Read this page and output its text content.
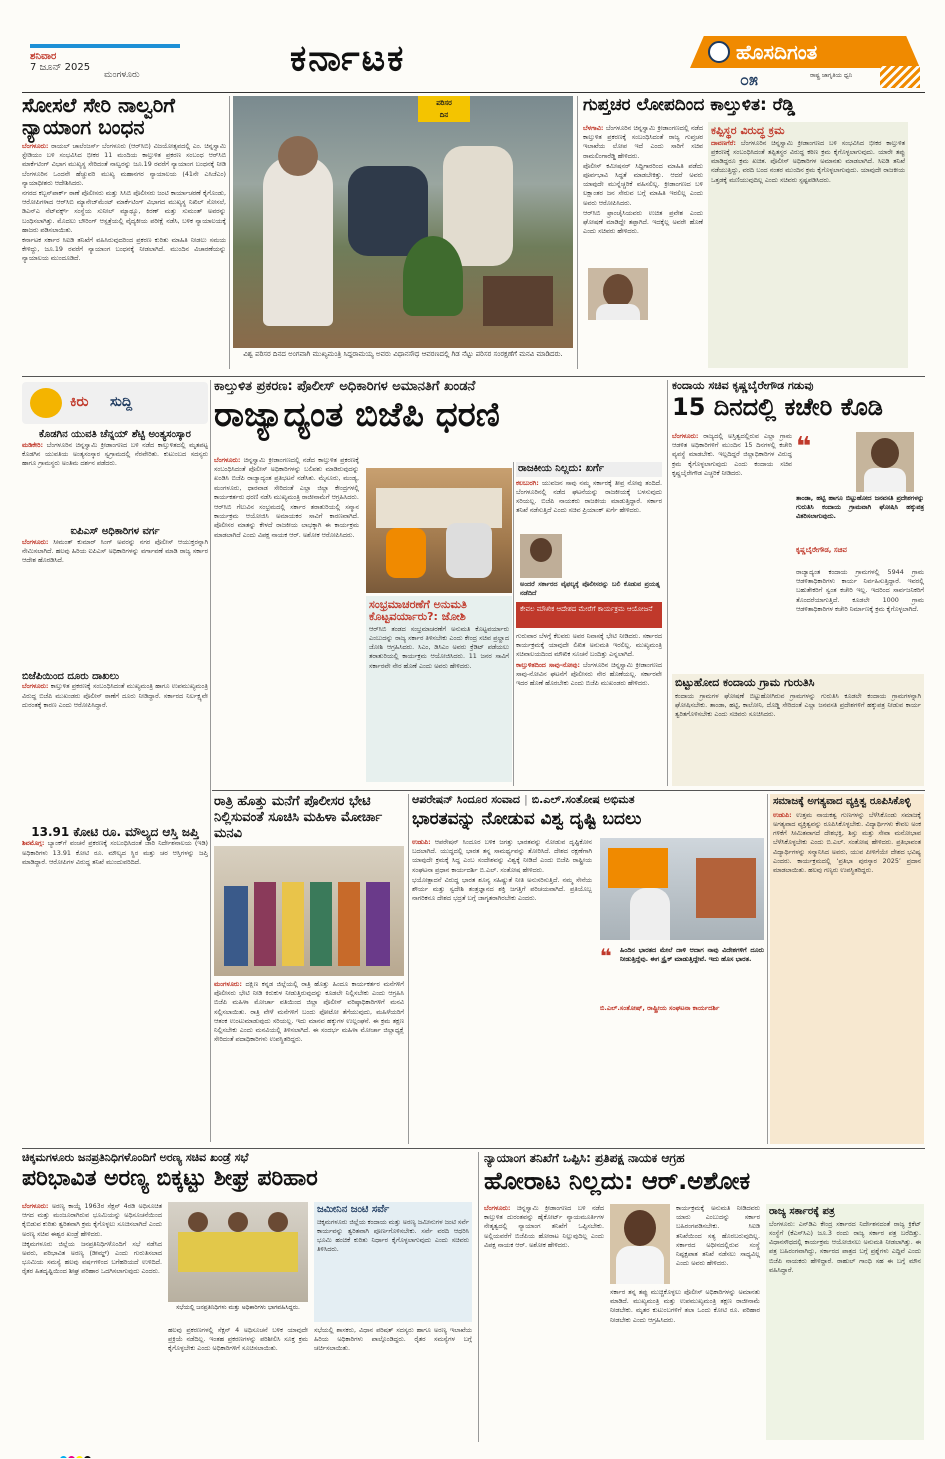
ಶನಿವಾರ
7 ಜೂನ್ 2025
ಮಂಗಳೂರು	ಕರ್ನಾಟಕ	ಹೊಸದಿಗಂತ
ರಾಷ್ಟ್ರ ಜಾಗೃತಿಯ ಧ್ವನಿ
೦೫
ಸೋಸಲೆ ಸೇರಿ ನಾಲ್ವರಿಗೆ ನ್ಯಾಯಾಂಗ ಬಂಧನ

ಬೆಂಗಳೂರು: ರಾಯಲ್ ಚಾಲೆಂಜರ್ಸ್ ಬೆಂಗಳೂರು (ಆರ್‌ಸಿಬಿ) ವಿಜಯೋತ್ಸವದಲ್ಲಿ ಎಂ. ಚಿನ್ನಸ್ವಾಮಿ ಸ್ಟೇಡಿಯಂ ಬಳಿ ಸಂಭವಿಸಿದ ಭೀಕರ 11 ಮಂದಿಯ ಕಾಲ್ತುಳಿತ ಪ್ರಕರಣ ಸಂಬಂಧ ಆರ್‌ಸಿಬಿ ಮಾರ್ಕೆಟಿಂಗ್ ವಿಭಾಗ ಮುಖ್ಯಸ್ಥ ಸೇರಿದಂತೆ ನಾಲ್ವರನ್ನು ಜೂ.19 ರವರೆಗೆ ನ್ಯಾಯಾಂಗ ಬಂಧನಕ್ಕೆ ನೀಡಿ ಬೆಂಗಳೂರಿನ ಒಂದನೇ ಹೆಚ್ಚುವರಿ ಮುಖ್ಯ ಮಹಾನಗರ ನ್ಯಾಯಾಲಯ (41ನೇ ಎಸಿಜೆಎಂ) ನ್ಯಾಯಾಧೀಶರು ಆದೇಶಿಸಿದರು.

ನಗರದ ಕಬ್ಬನ್‌ಪಾರ್ಕ್ ಠಾಣೆ ಪೊಲೀಸರು ಮತ್ತು ಸಿಸಿಬಿ ಪೊಲೀಸರು ಜಂಟಿ ಕಾರ್ಯಾಚರಣೆ ಕೈಗೊಂಡು, ಆರೋಪಿಗಳಾದ ಆರ್‌ಸಿಬಿ ಮ್ಯಾನೇಜ್‌ಮೆಂಟ್ ಮಾರ್ಕೆಟಿಂಗ್ ವಿಭಾಗದ ಮುಖ್ಯಸ್ಥ ನಿಖಿಲ್ ಸೋಸಲೆ, ಡಿಎನ್‌ಎ ನೆಟ್‌ವರ್ಕ್ಸ್ ಸಂಸ್ಥೆಯ ಸುನೀಲ್ ಮ್ಯಾಥ್ಯೂ, ಕಿರಣ್ ಮತ್ತು ಸುಮಂತ್ ಅವರನ್ನು ಬಂಧಿಸಲಾಗಿತ್ತು. ಮೊದಲು ಬೌರಿಂಗ್ ಆಸ್ಪತ್ರೆಯಲ್ಲಿ ವೈದ್ಯಕೀಯ ಪರೀಕ್ಷೆ ನಡೆಸಿ, ಬಳಿಕ ನ್ಯಾಯಾಲಯಕ್ಕೆ ಹಾಜರು ಪಡಿಸಲಾಯಿತು.

ಕರ್ನಾಟಕ ಸರ್ಕಾರ ಸಿಐಡಿ ತನಿಖೆಗೆ ವಹಿಸಿರುವುದರಿಂದ ಪ್ರಕರಣ ಕುರಿತು ಮಾಹಿತಿ ನೀಡಲು ಸಮಯ ಕೇಳಿದ್ದು, ಜೂ.19 ರವರೆಗೆ ನ್ಯಾಯಾಂಗ ಬಂಧನಕ್ಕೆ ನೀಡಲಾಗಿದೆ. ಮುಂದಿನ ವಿಚಾರಣೆಯನ್ನು ನ್ಯಾಯಾಲಯ ಮುಂದೂಡಿದೆ.

ಪರಿಸರ
ದಿನ
ವಿಶ್ವ ಪರಿಸರ ದಿನದ ಅಂಗವಾಗಿ ಮುಖ್ಯಮಂತ್ರಿ ಸಿದ್ದರಾಮಯ್ಯ ಅವರು ವಿಧಾನಸೌಧ ಆವರಣದಲ್ಲಿ ಗಿಡ ನೆಟ್ಟು ಪರಿಸರ ಸಂರಕ್ಷಣೆಗೆ ಮನವಿ ಮಾಡಿದರು.
ಗುಪ್ತಚರ ಲೋಪದಿಂದ ಕಾಲ್ತುಳಿತ: ರೆಡ್ಡಿ

ಬೆಳಗಾವಿ: ಬೆಂಗಳೂರಿನ ಚಿನ್ನಸ್ವಾಮಿ ಕ್ರೀಡಾಂಗಣದಲ್ಲಿ ನಡೆದ ಕಾಲ್ತುಳಿತ ಪ್ರಕರಣಕ್ಕೆ ಸಂಬಂಧಿಸಿದಂತೆ ರಾಜ್ಯ ಗುಪ್ತಚರ ಇಲಾಖೆಯ ಲೋಪ ಇದೆ ಎಂದು ಸಾರಿಗೆ ಸಚಿವ ರಾಮಲಿಂಗಾರೆಡ್ಡಿ ಹೇಳಿದರು.

ಪೊಲೀಸ್ ಕಮೀಷನರ್ ಸಿದ್ದಿಗಾರರಿಂದ ಮಾಹಿತಿ ಪಡೆದು ಪೂರ್ವಭಾವಿ ಸಿದ್ಧತೆ ಮಾಡಬೇಕಿತ್ತು. ಆದರೆ ಅವರು ಯಾವುದೇ ಮುನ್ನೆಚ್ಚರಿಕೆ ವಹಿಸಲಿಲ್ಲ. ಕ್ರೀಡಾಂಗಣದ ಬಳಿ ಲಕ್ಷಾಂತರ ಜನ ಸೇರುವ ಬಗ್ಗೆ ಮಾಹಿತಿ ಇರಲಿಲ್ಲ ಎಂದು ಅವರು ಆರೋಪಿಸಿದರು.

ಆರ್‌ಸಿಬಿ ಫ್ರಾಂಚೈಸಿಯವರು ಉಚಿತ ಪ್ರವೇಶ ಎಂದು ಘೋಷಣೆ ಮಾಡಿದ್ದೇ ತಪ್ಪಾಗಿದೆ. ಇದಕ್ಕೆಲ್ಲ ಅವರೇ ಹೊಣೆ ಎಂದು ಸಚಿವರು ಹೇಳಿದರು.

ಕಪ್ಪಿಸ್ಥರ ವಿರುದ್ಧ ಕ್ರಮ

ದಾವಣಗೆರೆ: ಬೆಂಗಳೂರಿನ ಚಿನ್ನಸ್ವಾಮಿ ಕ್ರೀಡಾಂಗಣದ ಬಳಿ ಸಂಭವಿಸಿದ ಭೀಕರ ಕಾಲ್ತುಳಿತ ಪ್ರಕರಣಕ್ಕೆ ಸಂಬಂಧಿಸಿದಂತೆ ತಪ್ಪಿತಸ್ಥರ ವಿರುದ್ಧ ಕಠಿಣ ಕ್ರಮ ಕೈಗೊಳ್ಳಲಾಗುವುದು. ಯಾರೇ ತಪ್ಪು ಮಾಡಿದ್ದರೂ ಕ್ರಮ ಖಚಿತ. ಪೊಲೀಸ್ ಅಧಿಕಾರಿಗಳ ಅಮಾನತು ಮಾಡಲಾಗಿದೆ. ಸಿಐಡಿ ತನಿಖೆ ನಡೆಯುತ್ತಿದ್ದು, ವರದಿ ಬಂದ ನಂತರ ಮುಂದಿನ ಕ್ರಮ ಕೈಗೊಳ್ಳಲಾಗುವುದು. ಯಾವುದೇ ರಾಜಕೀಯ ಒತ್ತಡಕ್ಕೆ ಮಣಿಯುವುದಿಲ್ಲ ಎಂದು ಸಚಿವರು ಸ್ಪಷ್ಟಪಡಿಸಿದರು.

ಕಿರು ಸುದ್ದಿ
ಕೊಡಗಿನ ಯುವತಿ ಚೆನ್ನಯ್ ಶೆಟ್ಟಿ ಅಂತ್ಯಸಂಸ್ಕಾರ
ಮಡಿಕೇರಿ: ಬೆಂಗಳೂರಿನ ಚಿನ್ನಸ್ವಾಮಿ ಕ್ರೀಡಾಂಗಣದ ಬಳಿ ನಡೆದ ಕಾಲ್ತುಳಿತದಲ್ಲಿ ಮೃತಪಟ್ಟ ಕೊಡಗಿನ ಯುವತಿಯ ಅಂತ್ಯಸಂಸ್ಕಾರ ಸ್ವಗ್ರಾಮದಲ್ಲಿ ನೆರವೇರಿತು. ಕುಟುಂಬದ ಸದಸ್ಯರು ಹಾಗೂ ಗ್ರಾಮಸ್ಥರು ಅಂತಿಮ ದರ್ಶನ ಪಡೆದರು.
ಐಪಿಎಸ್ ಅಧಿಕಾರಿಗಳ ವರ್ಗ
ಬೆಂಗಳೂರು: ಸೀಮಂತ್ ಕುಮಾರ್ ಸಿಂಗ್ ಅವರನ್ನು ನಗರ ಪೊಲೀಸ್ ಆಯುಕ್ತರನ್ನಾಗಿ ನೇಮಿಸಲಾಗಿದೆ. ಹಲವು ಹಿರಿಯ ಐಪಿಎಸ್ ಅಧಿಕಾರಿಗಳನ್ನು ವರ್ಗಾವಣೆ ಮಾಡಿ ರಾಜ್ಯ ಸರ್ಕಾರ ಆದೇಶ ಹೊರಡಿಸಿದೆ.
ಬಿಜೆಪಿಯಿಂದ ದೂರು ದಾಖಲು
ಬೆಂಗಳೂರು: ಕಾಲ್ತುಳಿತ ಪ್ರಕರಣಕ್ಕೆ ಸಂಬಂಧಿಸಿದಂತೆ ಮುಖ್ಯಮಂತ್ರಿ ಹಾಗೂ ಉಪಮುಖ್ಯಮಂತ್ರಿ ವಿರುದ್ಧ ಬಿಜೆಪಿ ಮುಖಂಡರು ಪೊಲೀಸ್ ಠಾಣೆಗೆ ದೂರು ನೀಡಿದ್ದಾರೆ. ಸರ್ಕಾರದ ನಿರ್ಲಕ್ಷ್ಯವೇ ದುರಂತಕ್ಕೆ ಕಾರಣ ಎಂದು ಆರೋಪಿಸಿದ್ದಾರೆ.
13.91 ಕೋಟಿ ರೂ. ಮೌಲ್ಯದ ಆಸ್ತಿ ಜಪ್ತಿ
ಶಿವಮೊಗ್ಗ: ಬ್ಯಾಂಕ್‌ಗೆ ವಂಚನೆ ಪ್ರಕರಣಕ್ಕೆ ಸಂಬಂಧಿಸಿದಂತೆ ಜಾರಿ ನಿರ್ದೇಶನಾಲಯ (ಇಡಿ) ಅಧಿಕಾರಿಗಳು 13.91 ಕೋಟಿ ರೂ. ಮೌಲ್ಯದ ಸ್ಥಿರ ಮತ್ತು ಚರ ಆಸ್ತಿಗಳನ್ನು ಜಪ್ತಿ ಮಾಡಿದ್ದಾರೆ. ಆರೋಪಿಗಳ ವಿರುದ್ಧ ತನಿಖೆ ಮುಂದುವರಿದಿದೆ.
ಕಾಲ್ತುಳಿತ ಪ್ರಕರಣ: ಪೊಲೀಸ್ ಅಧಿಕಾರಿಗಳ ಅಮಾನತಿಗೆ ಖಂಡನೆ
ರಾಜ್ಯಾದ್ಯಂತ ಬಿಜೆಪಿ ಧರಣಿ

ಬೆಂಗಳೂರು: ಚಿನ್ನಸ್ವಾಮಿ ಕ್ರೀಡಾಂಗಣದಲ್ಲಿ ನಡೆದ ಕಾಲ್ತುಳಿತ ಪ್ರಕರಣಕ್ಕೆ ಸಂಬಂಧಿಸಿದಂತೆ ಪೊಲೀಸ್ ಅಧಿಕಾರಿಗಳನ್ನು ಬಲಿಪಶು ಮಾಡಿರುವುದನ್ನು ಖಂಡಿಸಿ ಬಿಜೆಪಿ ರಾಜ್ಯಾದ್ಯಂತ ಪ್ರತಿಭಟನೆ ನಡೆಸಿತು. ಮೈಸೂರು, ಮಂಡ್ಯ, ಮಂಗಳೂರು, ಧಾರವಾಡ ಸೇರಿದಂತೆ ಎಲ್ಲಾ ಜಿಲ್ಲಾ ಕೇಂದ್ರಗಳಲ್ಲಿ ಕಾರ್ಯಕರ್ತರು ಧರಣಿ ನಡೆಸಿ ಮುಖ್ಯಮಂತ್ರಿ ರಾಜೀನಾಮೆಗೆ ಆಗ್ರಹಿಸಿದರು.

ಆರ್‌ಸಿಬಿ ಗೆಲುವಿನ ಸಂಭ್ರಮದಲ್ಲಿ ಸರ್ಕಾರ ತರಾತುರಿಯಲ್ಲಿ ಸನ್ಮಾನ ಕಾರ್ಯಕ್ರಮ ಆಯೋಜಿಸಿ ಅಮಾಯಕರ ಸಾವಿಗೆ ಕಾರಣವಾಗಿದೆ. ಪೊಲೀಸರ ಮಾತನ್ನು ಕೇಳದೆ ರಾಜಕೀಯ ಲಾಭಕ್ಕಾಗಿ ಈ ಕಾರ್ಯಕ್ರಮ ಮಾಡಲಾಗಿದೆ ಎಂದು ವಿಪಕ್ಷ ನಾಯಕ ಆರ್. ಅಶೋಕ ಆರೋಪಿಸಿದರು.

ಸಂಭ್ರಮಾಚರಣೆಗೆ ಅನುಮತಿ ಕೊಟ್ಟವರ್ಯಾರು?: ಜೋಶಿ
ಆರ್‌ಸಿಬಿ ತಂಡದ ಸಂಭ್ರಮಾಚರಣೆಗೆ ಅನುಮತಿ ಕೊಟ್ಟವರ್ಯಾರು ಎಂಬುದನ್ನು ರಾಜ್ಯ ಸರ್ಕಾರ ತಿಳಿಸಬೇಕು ಎಂದು ಕೇಂದ್ರ ಸಚಿವ ಪ್ರಲ್ಹಾದ ಜೋಶಿ ಆಗ್ರಹಿಸಿದರು. ಸಿಎಂ, ಡಿಸಿಎಂ ಅವರು ಕ್ರೆಡಿಟ್ ಪಡೆಯಲು ತರಾತುರಿಯಲ್ಲಿ ಕಾರ್ಯಕ್ರಮ ಆಯೋಜಿಸಿದರು. 11 ಜನರ ಸಾವಿಗೆ ಸರ್ಕಾರವೇ ನೇರ ಹೊಣೆ ಎಂದು ಅವರು ಹೇಳಿದರು.
ರಾಜಕೀಯ ನಿಲ್ಲದು: ಖರ್ಗೆ
ಕಲಬುರಗಿ: ಯುವಜನ ಸಾವು ನಮ್ಮ ಸರ್ಕಾರಕ್ಕೆ ತೀವ್ರ ನೋವು ತಂದಿದೆ. ಬೆಂಗಳೂರಿನಲ್ಲಿ ನಡೆದ ಘಟನೆಯನ್ನು ರಾಜಕೀಯಕ್ಕೆ ಬಳಸುವುದು ಸರಿಯಲ್ಲ. ಬಿಜೆಪಿ ನಾಯಕರು ರಾಜಕೀಯ ಮಾಡುತ್ತಿದ್ದಾರೆ. ಸರ್ಕಾರ ತನಿಖೆ ನಡೆಸುತ್ತಿದೆ ಎಂದು ಸಚಿವ ಪ್ರಿಯಾಂಕ್ ಖರ್ಗೆ ಹೇಳಿದರು.
ಅಂದರೆ ಸರ್ಕಾರದ ವೈಫಲ್ಯಕ್ಕೆ ಪೊಲೀಸರನ್ನು ಬಲಿ ಕೊಡುವ ಪ್ರಯತ್ನ ನಡೆದಿದೆ
ಕೇವಲ ಮೌಖಿಕ ಆದೇಶದ ಮೇರೆಗೆ ಕಾರ್ಯಕ್ರಮ ಆಯೋಜನೆ

ಗುರುವಾರ ಬೆಳಗ್ಗೆ ಕೆಲವರು ಅವರ ನಿವಾಸಕ್ಕೆ ಭೇಟಿ ನೀಡಿದರು. ಸರ್ಕಾರದ ಕಾರ್ಯಕ್ರಮಕ್ಕೆ ಯಾವುದೇ ಲಿಖಿತ ಅನುಮತಿ ಇರಲಿಲ್ಲ. ಮುಖ್ಯಮಂತ್ರಿ ಸಚಿವಾಲಯದಿಂದ ಮೌಖಿಕ ಸೂಚನೆ ಬಂದಿತ್ತು ಎನ್ನಲಾಗಿದೆ.

ಕಾಲ್ತುಳಿತದಿಂದ ಸಾವು-ನೋವು: ಬೆಂಗಳೂರಿನ ಚಿನ್ನಸ್ವಾಮಿ ಕ್ರೀಡಾಂಗಣದ ಸಾವು-ನೋವಿನ ಘಟನೆಗೆ ಪೊಲೀಸರು ನೇರ ಹೊಣೆಯಲ್ಲ. ಸರ್ಕಾರವೇ ಇದರ ಹೊಣೆ ಹೊರಬೇಕು ಎಂದು ಬಿಜೆಪಿ ಮುಖಂಡರು ಹೇಳಿದರು.

ಕಂದಾಯ ಸಚಿವ ಕೃಷ್ಣಬೈರೇಗೌಡ ಗಡುವು
15 ದಿನದಲ್ಲಿ ಕಚೇರಿ ಕೊಡಿ

ಬೆಂಗಳೂರು: ರಾಜ್ಯದಲ್ಲಿ ಅಸ್ತಿತ್ವದಲ್ಲಿರುವ ಎಲ್ಲಾ ಗ್ರಾಮ ಆಡಳಿತ ಅಧಿಕಾರಿಗಳಿಗೆ ಮುಂದಿನ 15 ದಿನಗಳಲ್ಲಿ ಕಚೇರಿ ವ್ಯವಸ್ಥೆ ಮಾಡಬೇಕು. ಇಲ್ಲದಿದ್ದರೆ ಜಿಲ್ಲಾಧಿಕಾರಿಗಳ ವಿರುದ್ಧ ಕ್ರಮ ಕೈಗೊಳ್ಳಲಾಗುವುದು ಎಂದು ಕಂದಾಯ ಸಚಿವ ಕೃಷ್ಣಬೈರೇಗೌಡ ಎಚ್ಚರಿಕೆ ನೀಡಿದರು.

❝
ತಾಂಡಾ, ಹಟ್ಟಿ ಹಾಗೂ ಬಿಟ್ಟುಹೋದ ಜನವಸತಿ ಪ್ರದೇಶಗಳನ್ನು ಗುರುತಿಸಿ ಕಂದಾಯ ಗ್ರಾಮವಾಗಿ ಘೋಷಿಸಿ ಹಕ್ಕುಪತ್ರ ವಿತರಿಸಲಾಗುವುದು.
ಕೃಷ್ಣಬೈರೇಗೌಡ, ಸಚಿವ
ರಾಜ್ಯಾದ್ಯಂತ ಕಂದಾಯ ಗ್ರಾಮಗಳಲ್ಲಿ 5944 ಗ್ರಾಮ ಆಡಳಿತಾಧಿಕಾರಿಗಳು ಕಾರ್ಯ ನಿರ್ವಹಿಸುತ್ತಿದ್ದಾರೆ. ಇವರಲ್ಲಿ ಬಹುತೇಕರಿಗೆ ಸ್ವಂತ ಕಚೇರಿ ಇಲ್ಲ. ಇದರಿಂದ ಸಾರ್ವಜನಿಕರಿಗೆ ತೊಂದರೆಯಾಗುತ್ತಿದೆ. ಕೂಡಲೇ 1000 ಗ್ರಾಮ ಆಡಳಿತಾಧಿಕಾರಿಗಳ ಕಚೇರಿ ನಿರ್ಮಾಣಕ್ಕೆ ಕ್ರಮ ಕೈಗೊಳ್ಳಲಾಗಿದೆ.
ಬಿಟ್ಟುಹೋದ ಕಂದಾಯ ಗ್ರಾಮ ಗುರುತಿಸಿ
ಕಂದಾಯ ಗ್ರಾಮಗಳ ಘೋಷಣೆ ಬಿಟ್ಟುಹೋಗಿರುವ ಗ್ರಾಮಗಳನ್ನು ಗುರುತಿಸಿ ಕೂಡಲೇ ಕಂದಾಯ ಗ್ರಾಮಗಳನ್ನಾಗಿ ಘೋಷಿಸಬೇಕು. ತಾಂಡಾ, ಹಟ್ಟಿ, ಕಾಲೋನಿ, ದೊಡ್ಡಿ ಸೇರಿದಂತೆ ಎಲ್ಲಾ ಜನವಸತಿ ಪ್ರದೇಶಗಳಿಗೆ ಹಕ್ಕುಪತ್ರ ನೀಡುವ ಕಾರ್ಯ ತ್ವರಿತಗೊಳಿಸಬೇಕು ಎಂದು ಸಚಿವರು ಸೂಚಿಸಿದರು.
ರಾತ್ರಿ ಹೊತ್ತು ಮನೆಗೆ ಪೊಲೀಸರ ಭೇಟಿ ನಿಲ್ಲಿಸುವಂತೆ ಸೂಚಿಸಿ ಮಹಿಳಾ ಮೋರ್ಚಾ ಮನವಿ
ಮಂಗಳೂರು: ದಕ್ಷಿಣ ಕನ್ನಡ ಜಿಲ್ಲೆಯಲ್ಲಿ ರಾತ್ರಿ ಹೊತ್ತು ಹಿಂದೂ ಕಾರ್ಯಕರ್ತರ ಮನೆಗಳಿಗೆ ಪೊಲೀಸರು ಭೇಟಿ ನೀಡಿ ಕಿರುಕುಳ ನೀಡುತ್ತಿರುವುದನ್ನು ಕೂಡಲೇ ನಿಲ್ಲಿಸಬೇಕು ಎಂದು ಆಗ್ರಹಿಸಿ ಬಿಜೆಪಿ ಮಹಿಳಾ ಮೋರ್ಚಾ ವತಿಯಿಂದ ಜಿಲ್ಲಾ ಪೊಲೀಸ್ ವರಿಷ್ಠಾಧಿಕಾರಿಗಳಿಗೆ ಮನವಿ ಸಲ್ಲಿಸಲಾಯಿತು. ರಾತ್ರಿ ವೇಳೆ ಮನೆಗಳಿಗೆ ಬಂದು ಫೋಟೋ ತೆಗೆಯುವುದು, ಮಹಿಳೆಯರಿಗೆ ಆತಂಕ ಉಂಟುಮಾಡುವುದು ಸರಿಯಲ್ಲ. ಇದು ಮಾನವ ಹಕ್ಕುಗಳ ಉಲ್ಲಂಘನೆ. ಈ ಕ್ರಮ ತಕ್ಷಣ ನಿಲ್ಲಿಸಬೇಕು ಎಂದು ಮನವಿಯಲ್ಲಿ ತಿಳಿಸಲಾಗಿದೆ. ಈ ಸಂದರ್ಭ ಮಹಿಳಾ ಮೋರ್ಚಾ ಜಿಲ್ಲಾಧ್ಯಕ್ಷೆ ಸೇರಿದಂತೆ ಪದಾಧಿಕಾರಿಗಳು ಉಪಸ್ಥಿತರಿದ್ದರು.
ಆಪರೇಷನ್ ಸಿಂದೂರ ಸಂವಾದ | ಬಿ.ಎಲ್.ಸಂತೋಷ ಅಭಿಮತ
ಭಾರತವನ್ನು ನೋಡುವ ವಿಶ್ವ ದೃಷ್ಟಿ ಬದಲು

ಉಡುಪಿ: ಆಪರೇಷನ್ ಸಿಂದೂರ ಬಳಿಕ ಜಗತ್ತು ಭಾರತವನ್ನು ನೋಡುವ ದೃಷ್ಟಿಕೋನ ಬದಲಾಗಿದೆ. ಯುದ್ಧದಲ್ಲಿ ಭಾರತ ತನ್ನ ಸಾಮರ್ಥ್ಯವನ್ನು ತೋರಿಸಿದೆ. ದೇಶದ ರಕ್ಷಣೆಗಾಗಿ ಯಾವುದೇ ಕ್ರಮಕ್ಕೆ ಸಿದ್ಧ ಎಂಬ ಸಂದೇಶವನ್ನು ವಿಶ್ವಕ್ಕೆ ನೀಡಿದೆ ಎಂದು ಬಿಜೆಪಿ ರಾಷ್ಟ್ರೀಯ ಸಂಘಟನಾ ಪ್ರಧಾನ ಕಾರ್ಯದರ್ಶಿ ಬಿ.ಎಲ್. ಸಂತೋಷ ಹೇಳಿದರು.

ಭಯೋತ್ಪಾದನೆ ವಿರುದ್ಧ ಭಾರತ ಶೂನ್ಯ ಸಹಿಷ್ಣುತೆ ನೀತಿ ಅನುಸರಿಸುತ್ತಿದೆ. ನಮ್ಮ ಸೇನೆಯ ಶೌರ್ಯ ಮತ್ತು ಸ್ವದೇಶಿ ತಂತ್ರಜ್ಞಾನದ ಶಕ್ತಿ ಜಗತ್ತಿಗೆ ಪರಿಚಯವಾಗಿದೆ. ಪ್ರತಿಯೊಬ್ಬ ನಾಗರಿಕನೂ ದೇಶದ ಭದ್ರತೆ ಬಗ್ಗೆ ಜಾಗೃತರಾಗಿರಬೇಕು ಎಂದರು.

❝ ಹಿಂದಿನ ಭಾರತದ ಮೇಲೆ ದಾಳಿ ಆದಾಗ ನಾವು ವಿದೇಶಗಳಿಗೆ ದೂರು ನೀಡುತ್ತಿದ್ದೆವು. ಈಗ ಸ್ಟ್ರೈಕ್ ಮಾಡುತ್ತಿದ್ದೇವೆ. ಇದು ಹೊಸ ಭಾರತ.
ಬಿ.ಎಲ್.ಸಂತೋಷ್, ರಾಷ್ಟ್ರೀಯ ಸಂಘಟನಾ ಕಾರ್ಯದರ್ಶಿ
ಸಮಾಜಕ್ಕೆ ಅಗತ್ಯವಾದ ವ್ಯಕ್ತಿತ್ವ ರೂಪಿಸಿಕೊಳ್ಳಿ
ಉಡುಪಿ: ಉತ್ತಮ ನಾಯಕತ್ವ ಗುಣಗಳನ್ನು ಬೆಳೆಸಿಕೊಂಡು ಸಮಾಜಕ್ಕೆ ಅಗತ್ಯವಾದ ವ್ಯಕ್ತಿತ್ವವನ್ನು ರೂಪಿಸಿಕೊಳ್ಳಬೇಕು. ವಿದ್ಯಾರ್ಥಿಗಳು ಕೇವಲ ಅಂಕ ಗಳಿಕೆಗೆ ಸೀಮಿತವಾಗದೆ ದೇಶಭಕ್ತಿ, ಶಿಸ್ತು ಮತ್ತು ಸೇವಾ ಮನೋಭಾವ ಬೆಳೆಸಿಕೊಳ್ಳಬೇಕು ಎಂದು ಬಿ.ಎಲ್. ಸಂತೋಷ ಹೇಳಿದರು. ಪ್ರತಿಭಾವಂತ ವಿದ್ಯಾರ್ಥಿಗಳನ್ನು ಸನ್ಮಾನಿಸಿದ ಅವರು, ಯುವ ಪೀಳಿಗೆಯೇ ದೇಶದ ಭವಿಷ್ಯ ಎಂದರು. ಕಾರ್ಯಕ್ರಮದಲ್ಲಿ ‘ಪ್ರತಿಭಾ ಪುರಸ್ಕಾರ 2025’ ಪ್ರದಾನ ಮಾಡಲಾಯಿತು. ಹಲವು ಗಣ್ಯರು ಉಪಸ್ಥಿತರಿದ್ದರು.
ಚಿಕ್ಕಮಗಳೂರು ಜನಪ್ರತಿನಿಧಿಗಳೊಂದಿಗೆ ಅರಣ್ಯ ಸಚಿವ ಖಂಡ್ರೆ ಸಭೆ
ಪರಿಭಾವಿತ ಅರಣ್ಯ ಬಿಕ್ಕಟ್ಟು ಶೀಘ್ರ ಪರಿಹಾರ

ಬೆಂಗಳೂರು: ಅರಣ್ಯ ಕಾಯ್ದೆ 1963ರ ಸೆಕ್ಷನ್ 4ರಡಿ ಅಧಿಸೂಚಿತ ಆಗದ ಮತ್ತು ಮಂಜೂರಾಗಿರುವ ಭೂಮಿಯನ್ನು ಅಧಿಸೂಚನೆಯಿಂದ ಕೈಬಿಡುವ ಕುರಿತು ತ್ವರಿತವಾಗಿ ಕ್ರಮ ಕೈಗೊಳ್ಳಲು ಸೂಚಿಸಲಾಗಿದೆ ಎಂದು ಅರಣ್ಯ ಸಚಿವ ಈಶ್ವರ ಖಂಡ್ರೆ ಹೇಳಿದರು.

ಚಿಕ್ಕಮಗಳೂರು ಜಿಲ್ಲೆಯ ಜನಪ್ರತಿನಿಧಿಗಳೊಂದಿಗೆ ಸಭೆ ನಡೆಸಿದ ಅವರು, ಪರಿಭಾವಿತ ಅರಣ್ಯ (ಡೀಮ್ಡ್) ಎಂದು ಗುರುತಿಸಲಾದ ಭೂಮಿಯ ಸಮಸ್ಯೆ ಹಲವು ವರ್ಷಗಳಿಂದ ಬಗೆಹರಿಯದೆ ಉಳಿದಿದೆ. ರೈತರ ಹಿತದೃಷ್ಟಿಯಿಂದ ಶೀಘ್ರ ಪರಿಹಾರ ಒದಗಿಸಲಾಗುವುದು ಎಂದರು.

ಸಭೆಯಲ್ಲಿ ಜನಪ್ರತಿನಿಧಿಗಳು ಮತ್ತು ಅಧಿಕಾರಿಗಳು ಭಾಗವಹಿಸಿದ್ದರು.
ಜಮೀನಿನ ಜಂಟಿ ಸರ್ವೆ
ಚಿಕ್ಕಮಗಳೂರು ಜಿಲ್ಲೆಯ ಕಂದಾಯ ಮತ್ತು ಅರಣ್ಯ ಜಮೀನುಗಳ ಜಂಟಿ ಸರ್ವೆ ಕಾರ್ಯವನ್ನು ತ್ವರಿತವಾಗಿ ಪೂರ್ಣಗೊಳಿಸಬೇಕು. ಸರ್ವೆ ವರದಿ ಆಧರಿಸಿ ಭೂಮಿ ಹಂಚಿಕೆ ಕುರಿತು ನಿರ್ಧಾರ ಕೈಗೊಳ್ಳಲಾಗುವುದು ಎಂದು ಸಚಿವರು ತಿಳಿಸಿದರು.
ಹಲವು ಪ್ರಕರಣಗಳಲ್ಲಿ ಸೆಕ್ಷನ್ 4 ಅಧಿಸೂಚನೆ ಬಳಿಕ ಯಾವುದೇ ಪ್ರಕ್ರಿಯೆ ನಡೆದಿಲ್ಲ. ಇಂತಹ ಪ್ರಕರಣಗಳನ್ನು ಪರಿಶೀಲಿಸಿ ಸೂಕ್ತ ಕ್ರಮ ಕೈಗೊಳ್ಳಬೇಕು ಎಂದು ಅಧಿಕಾರಿಗಳಿಗೆ ಸೂಚಿಸಲಾಯಿತು.
ಸಭೆಯಲ್ಲಿ ಶಾಸಕರು, ವಿಧಾನ ಪರಿಷತ್ ಸದಸ್ಯರು ಹಾಗೂ ಅರಣ್ಯ ಇಲಾಖೆಯ ಹಿರಿಯ ಅಧಿಕಾರಿಗಳು ಪಾಲ್ಗೊಂಡಿದ್ದರು. ರೈತರ ಸಮಸ್ಯೆಗಳ ಬಗ್ಗೆ ಚರ್ಚಿಸಲಾಯಿತು.
ನ್ಯಾಯಾಂಗ ತನಿಖೆಗೆ ಒಪ್ಪಿಸಿ: ಪ್ರತಿಪಕ್ಷ ನಾಯಕ ಆಗ್ರಹ
ಹೋರಾಟ ನಿಲ್ಲದು: ಆರ್.ಅಶೋಕ

ಬೆಂಗಳೂರು: ಚಿನ್ನಸ್ವಾಮಿ ಕ್ರೀಡಾಂಗಣದ ಬಳಿ ನಡೆದ ಕಾಲ್ತುಳಿತ ದುರಂತವನ್ನು ಹೈಕೋರ್ಟ್ ನ್ಯಾಯಮೂರ್ತಿಗಳ ನೇತೃತ್ವದಲ್ಲಿ ನ್ಯಾಯಾಂಗ ತನಿಖೆಗೆ ಒಪ್ಪಿಸಬೇಕು. ಅಲ್ಲಿಯವರೆಗೆ ಬಿಜೆಪಿಯ ಹೋರಾಟ ನಿಲ್ಲುವುದಿಲ್ಲ ಎಂದು ವಿಪಕ್ಷ ನಾಯಕ ಆರ್. ಅಶೋಕ ಹೇಳಿದರು.

ಸರ್ಕಾರ ತನ್ನ ತಪ್ಪು ಮುಚ್ಚಿಕೊಳ್ಳಲು ಪೊಲೀಸ್ ಅಧಿಕಾರಿಗಳನ್ನು ಅಮಾನತು ಮಾಡಿದೆ. ಮುಖ್ಯಮಂತ್ರಿ ಮತ್ತು ಉಪಮುಖ್ಯಮಂತ್ರಿ ತಕ್ಷಣ ರಾಜೀನಾಮೆ ನೀಡಬೇಕು. ಮೃತರ ಕುಟುಂಬಗಳಿಗೆ ತಲಾ ಒಂದು ಕೋಟಿ ರೂ. ಪರಿಹಾರ ನೀಡಬೇಕು ಎಂದು ಆಗ್ರಹಿಸಿದರು.
ಕಾರ್ಯಕ್ರಮಕ್ಕೆ ಅನುಮತಿ ನೀಡಿದವರು ಯಾರು ಎಂಬುದನ್ನು ಸರ್ಕಾರ ಬಹಿರಂಗಪಡಿಸಬೇಕು. ಸಿಐಡಿ ತನಿಖೆಯಿಂದ ಸತ್ಯ ಹೊರಬರುವುದಿಲ್ಲ. ಸರ್ಕಾರದ ಅಧೀನದಲ್ಲಿರುವ ಸಂಸ್ಥೆ ನಿಷ್ಪಕ್ಷಪಾತ ತನಿಖೆ ನಡೆಸಲು ಸಾಧ್ಯವಿಲ್ಲ ಎಂದು ಅವರು ಹೇಳಿದರು.
ರಾಜ್ಯ ಸರ್ಕಾರಕ್ಕೆ ಪತ್ರ
ಬೆಂಗಳೂರು: ಎನ್‌ಡಿಎ ಕೇಂದ್ರ ಸರ್ಕಾರದ ನಿರ್ದೇಶನದಂತೆ ರಾಜ್ಯ ಕ್ರಿಕೆಟ್ ಸಂಸ್ಥೆಗೆ (ಕೆಎಸ್‌ಸಿಎ) ಜೂ.3 ರಂದು ರಾಜ್ಯ ಸರ್ಕಾರ ಪತ್ರ ಬರೆದಿತ್ತು. ವಿಧಾನಸೌಧದಲ್ಲಿ ಕಾರ್ಯಕ್ರಮ ಆಯೋಜಿಸಲು ಅನುಮತಿ ನೀಡಲಾಗಿತ್ತು. ಈ ಪತ್ರ ಬಹಿರಂಗವಾಗಿದ್ದು, ಸರ್ಕಾರದ ಪಾತ್ರದ ಬಗ್ಗೆ ಪ್ರಶ್ನೆಗಳು ಎದ್ದಿವೆ ಎಂದು ಬಿಜೆಪಿ ನಾಯಕರು ಹೇಳಿದ್ದಾರೆ. ರಾಹುಲ್ ಗಾಂಧಿ ಸಹ ಈ ಬಗ್ಗೆ ಮೌನ ವಹಿಸಿದ್ದಾರೆ.
